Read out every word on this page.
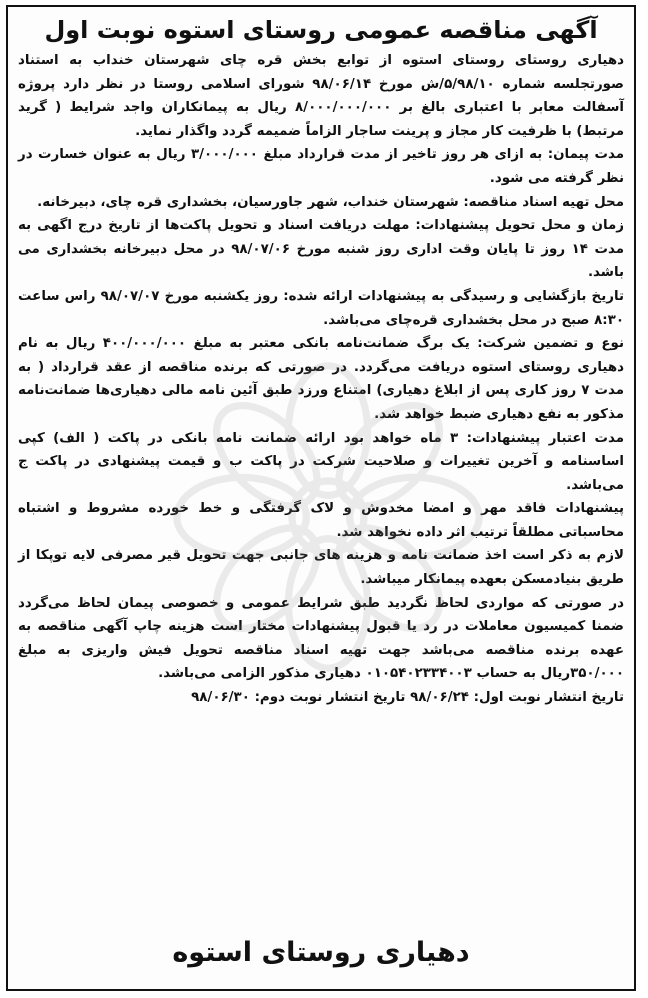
آگهی مناقصه عمومی روستای استوه نوبت اول

دهیاری روستای روستای استوه از توابع بخش قره چای شهرستان خنداب به استناد صورتجلسه شماره ۵/۹۸/۱۰/ش مورخ ۹۸/۰۶/۱۴ شورای اسلامی روستا در نظر دارد پروژه آسفالت معابر با اعتباری بالغ بر ۸/۰۰۰/۰۰۰/۰۰۰ ریال به پیمانکاران واجد شرایط ( گرید مرتبط) با ظرفیت کار مجاز و پرینت ساجار الزاماً ضمیمه گردد واگذار نماید.

مدت پیمان: به ازای هر روز تاخیر از مدت قرارداد مبلغ ۳/۰۰۰/۰۰۰ ریال به عنوان خسارت در نظر گرفته می شود.

محل تهیه اسناد مناقصه: شهرستان خنداب، شهر جاورسیان، بخشداری قره چای، دبیرخانه.

زمان و محل تحویل پیشنهادات: مهلت دریافت اسناد و تحویل پاکت‌ها از تاریخ درج اگهی به مدت ۱۴ روز تا پایان وقت اداری روز شنبه مورخ ۹۸/۰۷/۰۶ در محل دبیرخانه بخشداری می باشد.

تاریخ بازگشایی و رسیدگی به پیشنهادات ارائه شده: روز یکشنبه مورخ ۹۸/۰۷/۰۷ راس ساعت ۸:۳۰ صبح در محل بخشداری قره‌چای می‌باشد.

نوع و تضمین شرکت: یک برگ ضمانت‌نامه بانکی معتبر به مبلغ ۴۰۰/۰۰۰/۰۰۰ ریال به نام دهیاری روستای استوه دریافت می‌گردد. در صورتی که برنده مناقصه از عقد قرارداد ( به مدت ۷ روز کاری پس از ابلاغ دهیاری) امتناع ورزد طبق آئین نامه مالی دهیاری‌ها ضمانت‌نامه مذکور به نفع دهیاری ضبط خواهد شد.

مدت اعتبار پیشنهادات: ۳ ماه خواهد بود ارائه ضمانت نامه بانکی در پاکت ( الف) کپی اساسنامه و آخرین تغییرات و صلاحیت شرکت در پاکت ب و قیمت پیشنهادی در پاکت ج می‌باشد.

پیشنهادات فاقد مهر و امضا مخدوش و لاک گرفتگی و خط خورده مشروط و اشتباه محاسباتی مطلقاً ترتیب اثر داده نخواهد شد.

لازم به ذکر است اخذ ضمانت نامه و هزینه های جانبی جهت تحویل قیر مصرفی لایه توپکا از طریق بنیادمسکن بعهده پیمانکار میباشد.

در صورتی که مواردی لحاظ نگردید طبق شرایط عمومی و خصوصی پیمان لحاظ می‌گردد ضمنا کمیسیون معاملات در رد یا قبول پیشنهادات مختار است هزینه چاپ آگهی مناقصه به عهده برنده مناقصه می‌باشد جهت تهیه اسناد مناقصه تحویل فیش واریزی به مبلغ ۳۵۰/۰۰۰ریال به حساب ۰۱۰۵۴۰۲۳۳۴۰۰۳ دهیاری مذکور الزامی می‌باشد.

تاریخ انتشار نوبت اول: ۹۸/۰۶/۲۴ تاریخ انتشار نوبت دوم: ۹۸/۰۶/۳۰
دهیاری روستای استوه
